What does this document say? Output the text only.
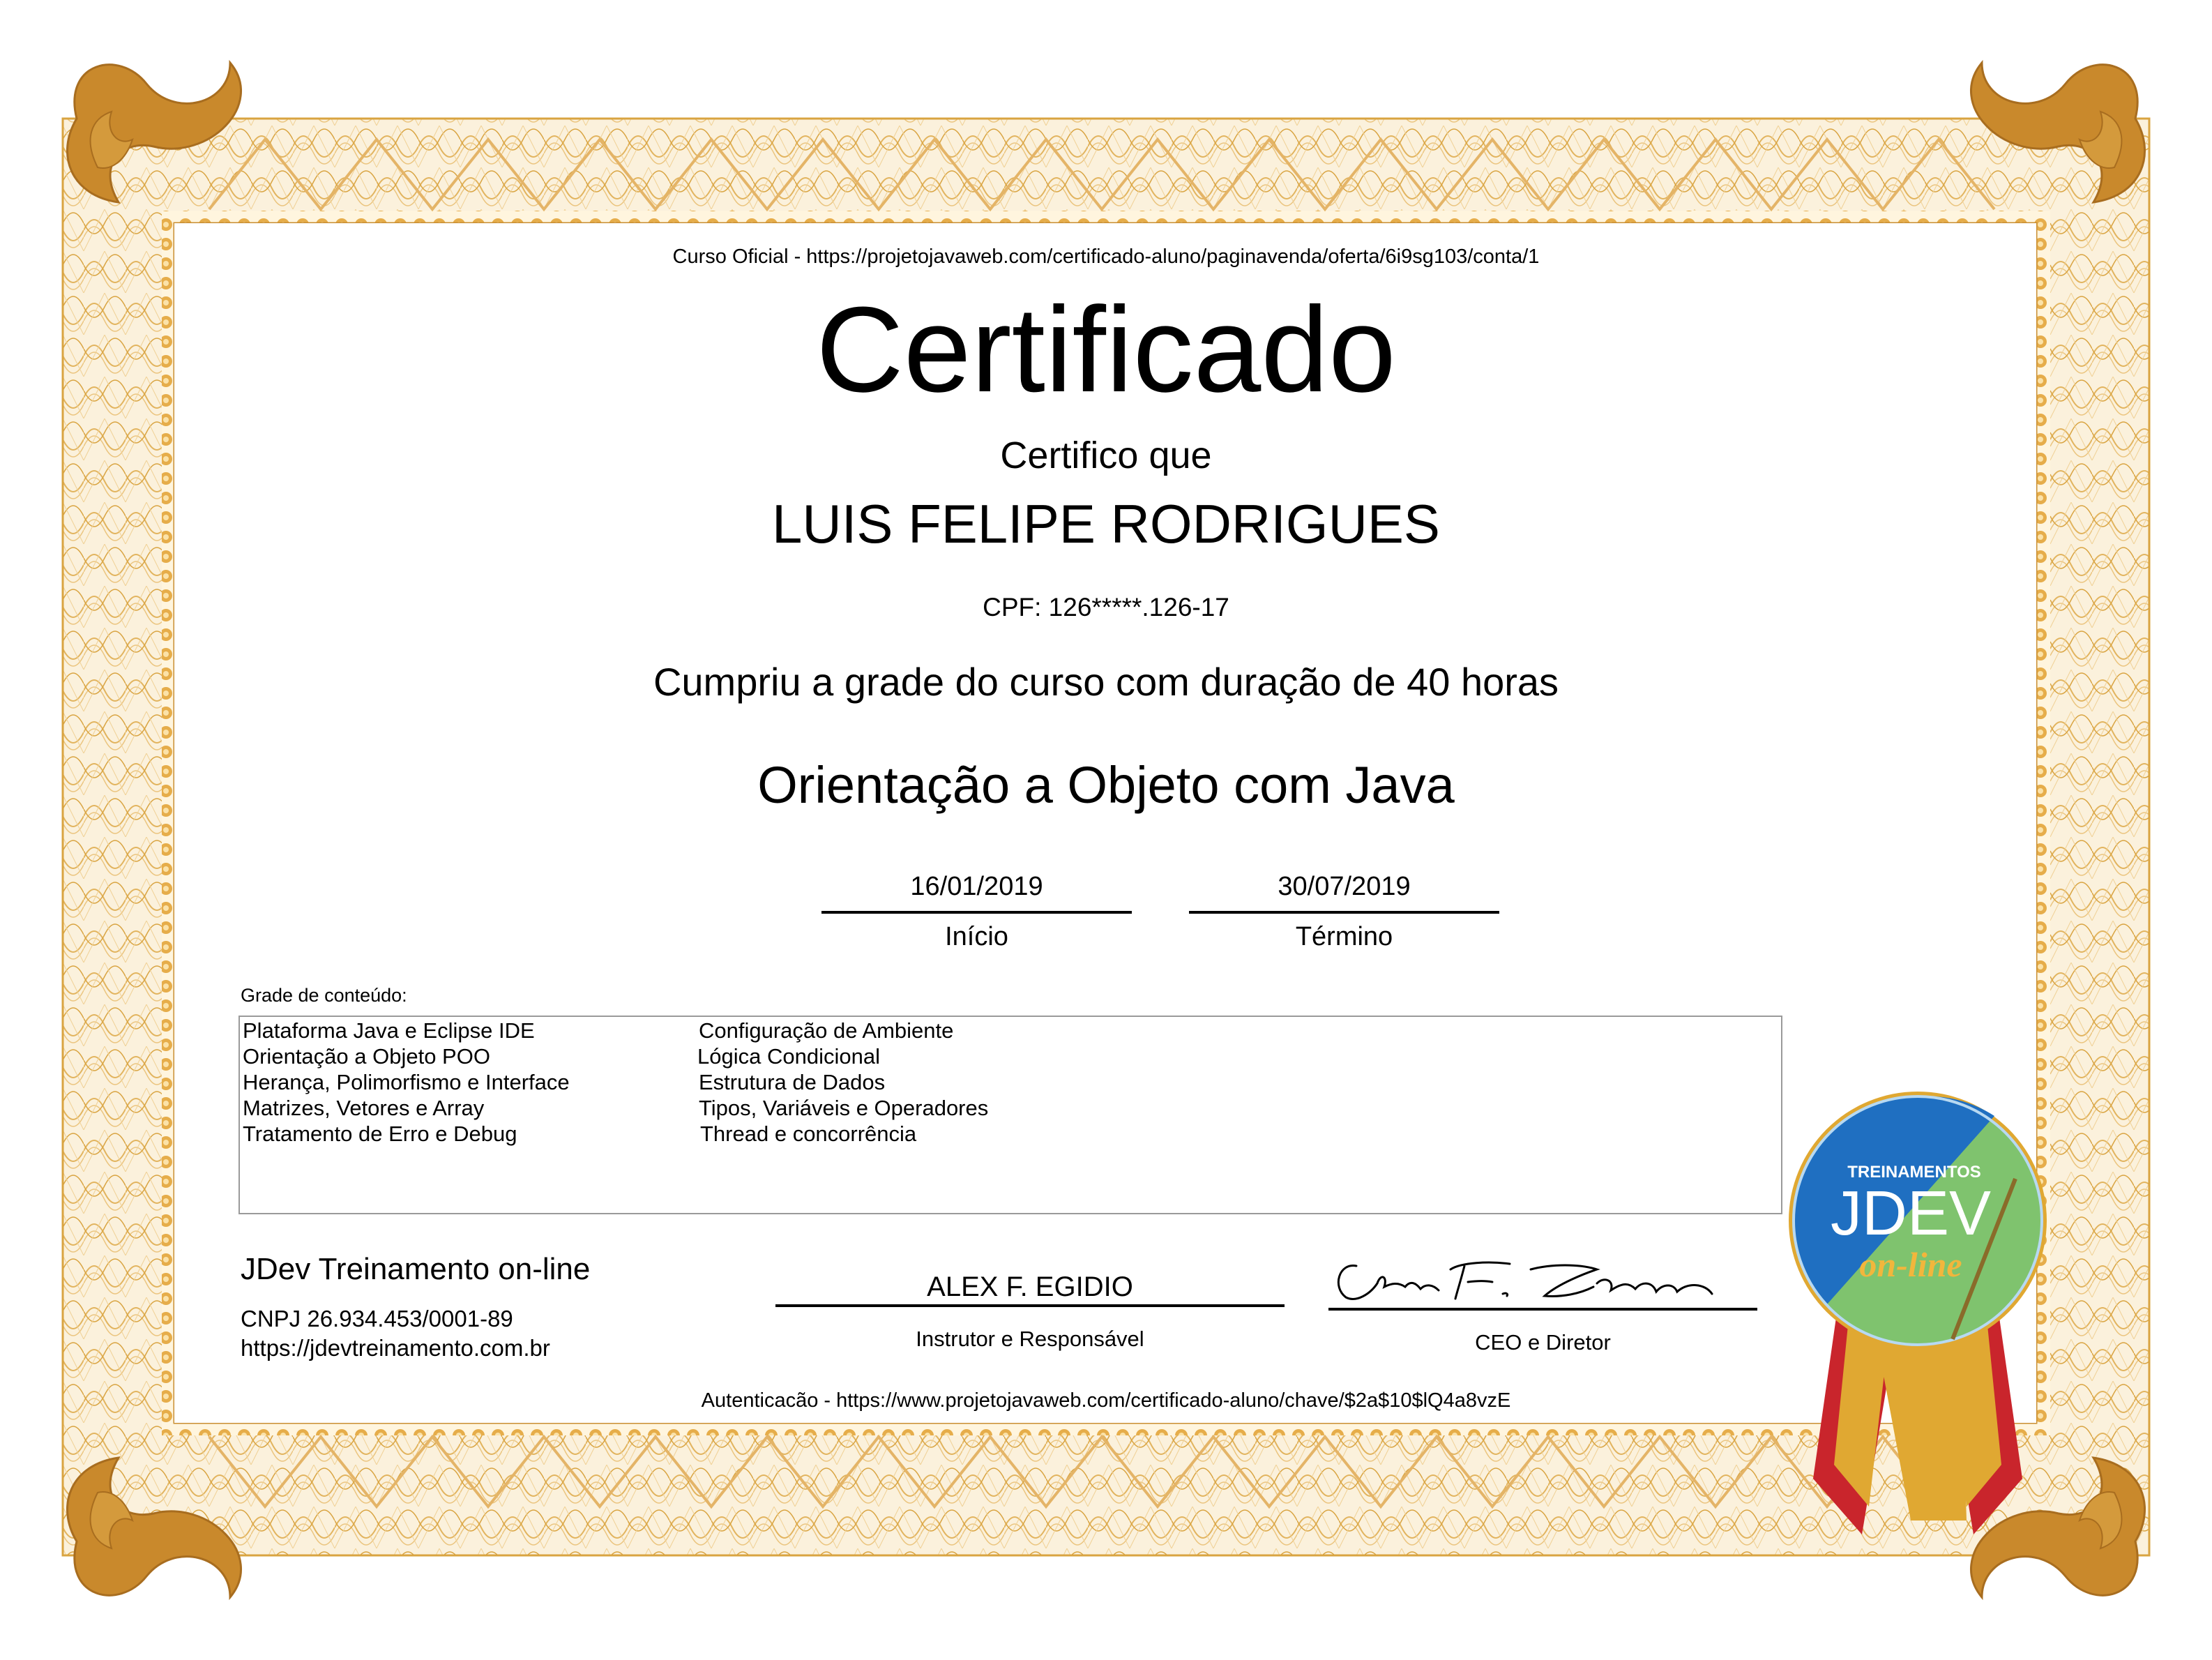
Curso Oficial - https://projetojavaweb.com/certificado-aluno/paginavenda/oferta/6i9sg103/conta/1
Certificado
Certifico que
LUIS FELIPE RODRIGUES
CPF: 126*****.126-17
Cumpriu a grade do curso com duração de 40 horas
Orientação a Objeto com Java
16/01/2019
Início
30/07/2019
Término
Grade de conteúdo:
Plataforma Java e Eclipse IDE
Orientação a Objeto POO
Herança, Polimorfismo e Interface
Matrizes, Vetores e Array
Tratamento de Erro e Debug
Configuração de Ambiente
Lógica Condicional
Estrutura de Dados
Tipos, Variáveis e Operadores
Thread e concorrência
JDev Treinamento on-line
CNPJ 26.934.453/0001-89
https://jdevtreinamento.com.br
ALEX F. EGIDIO
Instrutor e Responsável	CEO e Diretor
Autenticacão - https://www.projetojavaweb.com/certificado-aluno/chave/$2a$10$lQ4a8vzE
TREINAMENTOS
JDEV
on-line
